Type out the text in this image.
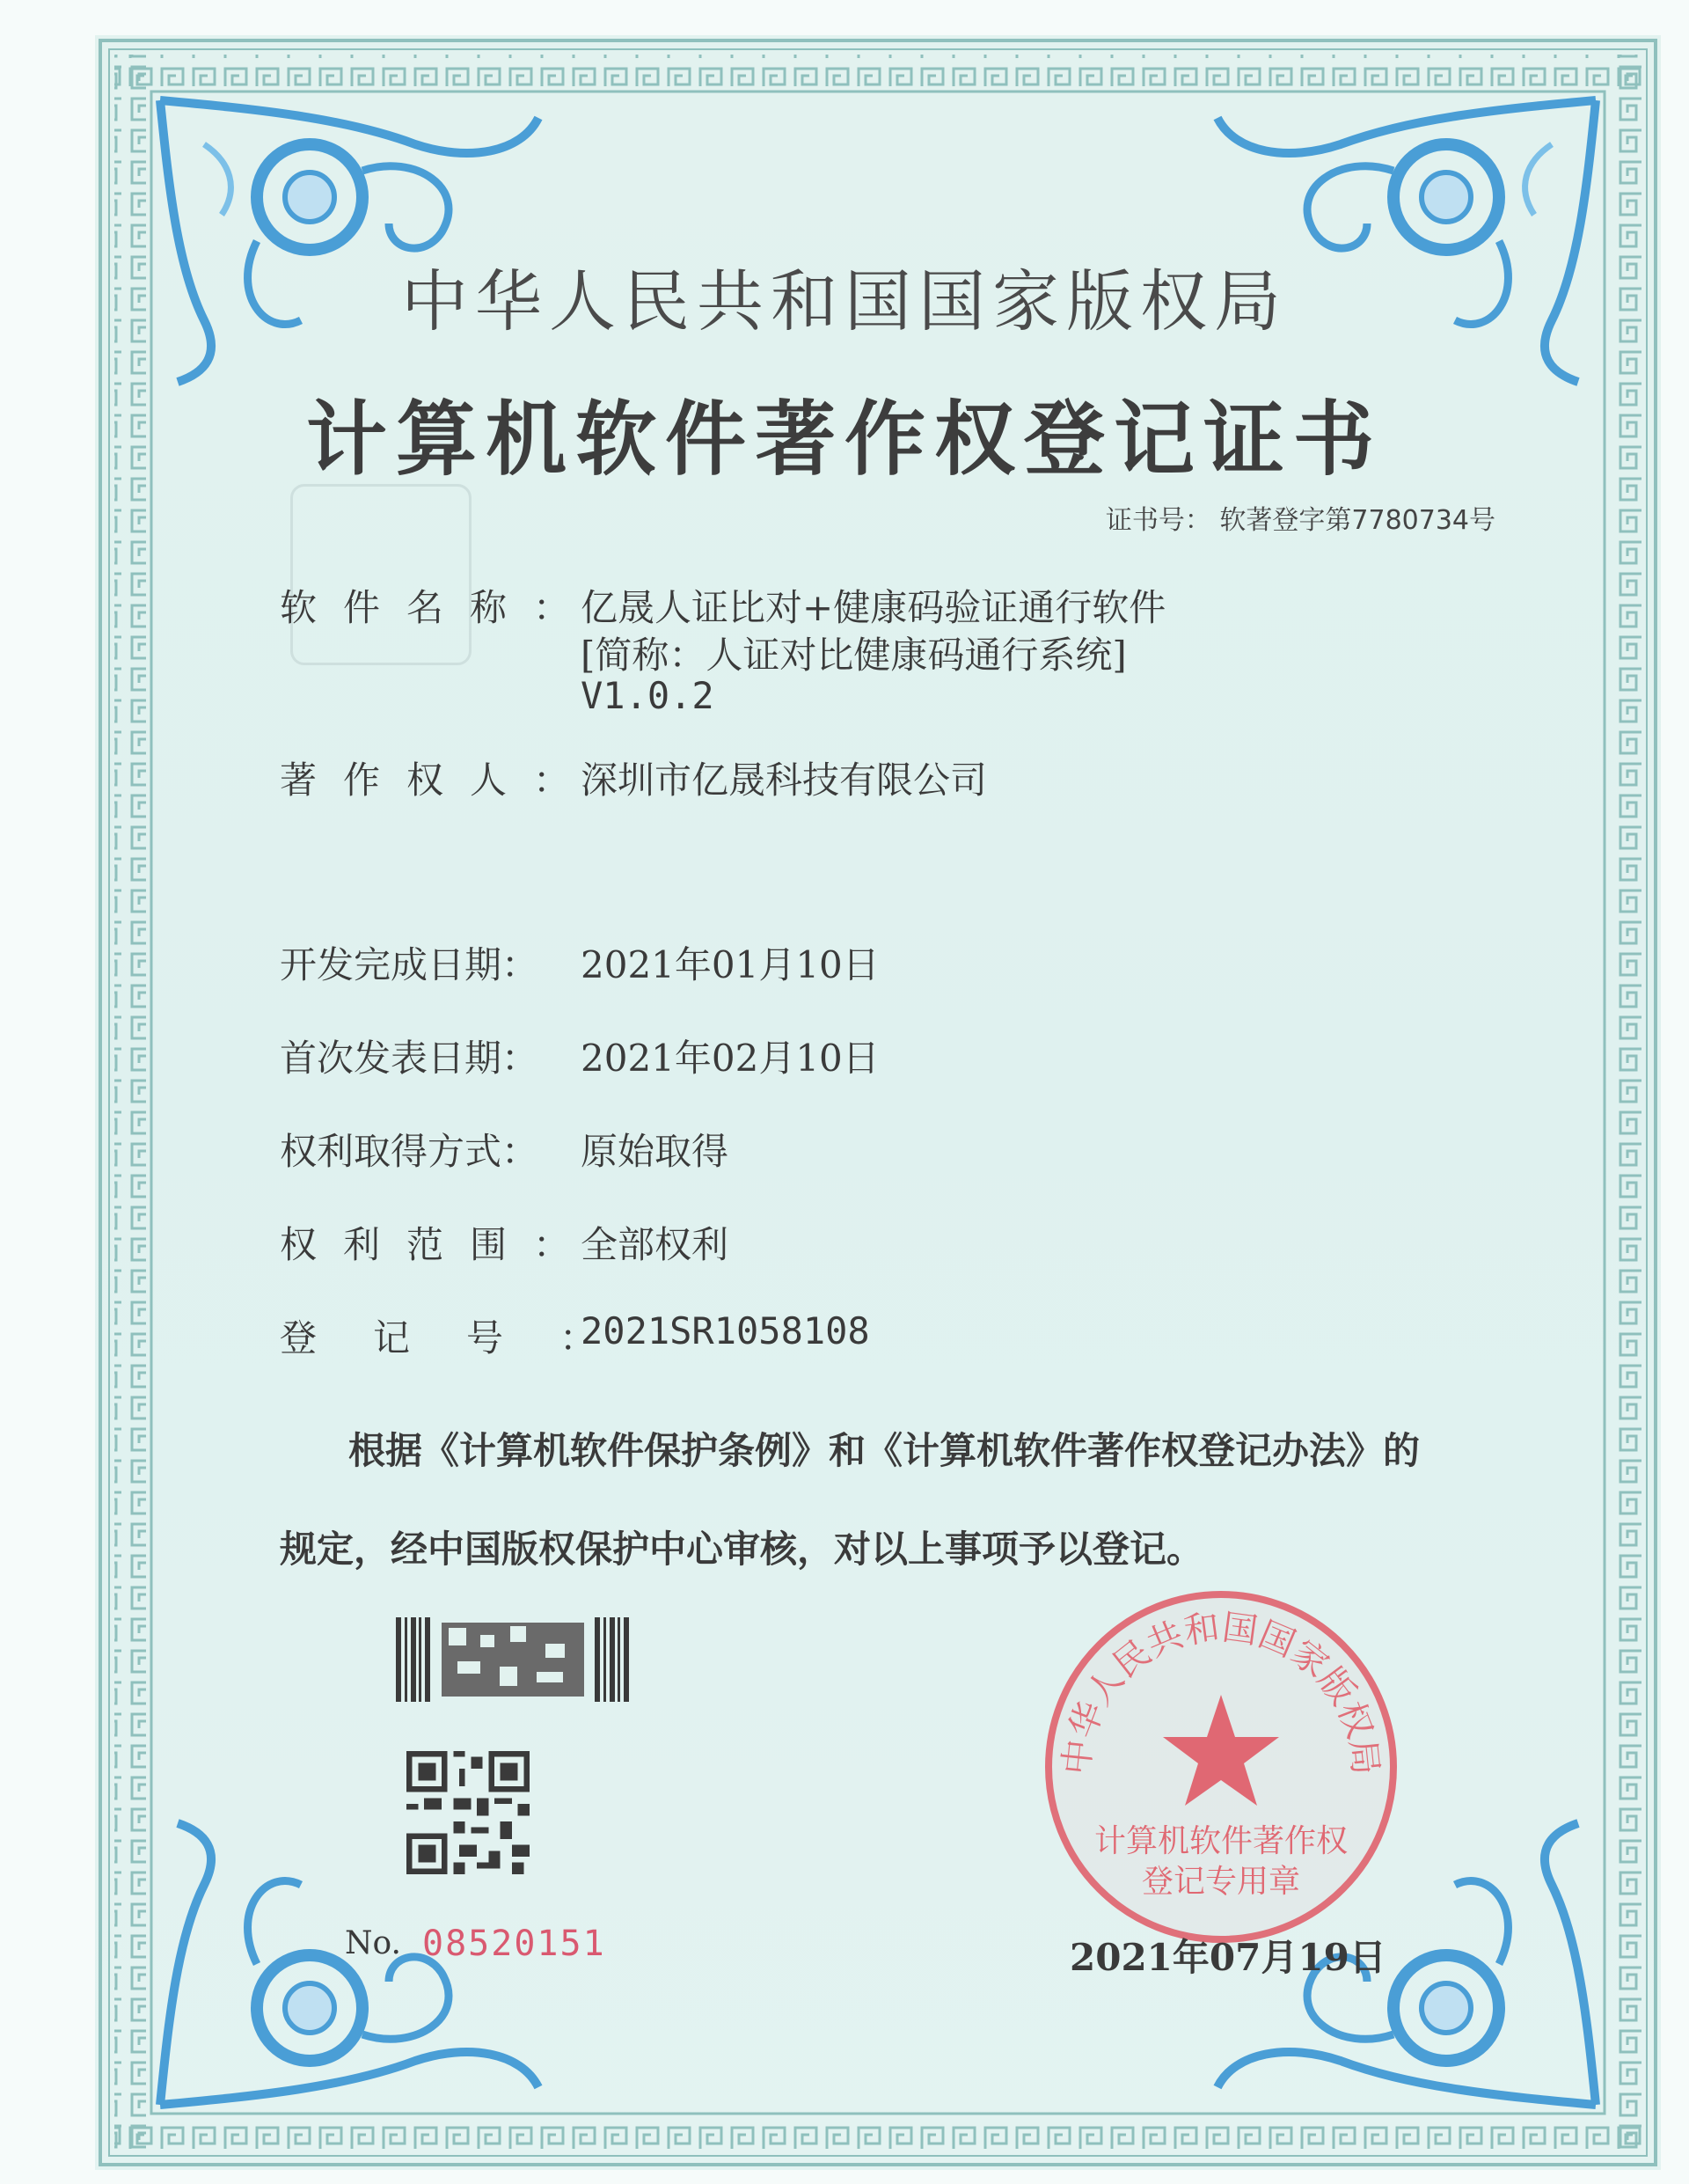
中华人民共和国国家版权局
计算机软件著作权登记证书
证书号： 软著登字第7780734号
软件名称：
亿晟人证比对+健康码验证通行软件
[简称：人证对比健康码通行系统]
V1.0.2
著作权人：
深圳市亿晟科技有限公司
开发完成日期： 2021年01月10日
首次发表日期： 2021年02月10日
权利取得方式： 原始取得
权利范围：
全部权利
登记号：
2021SR1058108
根据《计算机软件保护条例》和《计算机软件著作权登记办法》的
规定，经中国版权保护中心审核，对以上事项予以登记。
No. 08520151
中华人民共和国国家版权局
计算机软件著作权
登记专用章
2021年07月19日
